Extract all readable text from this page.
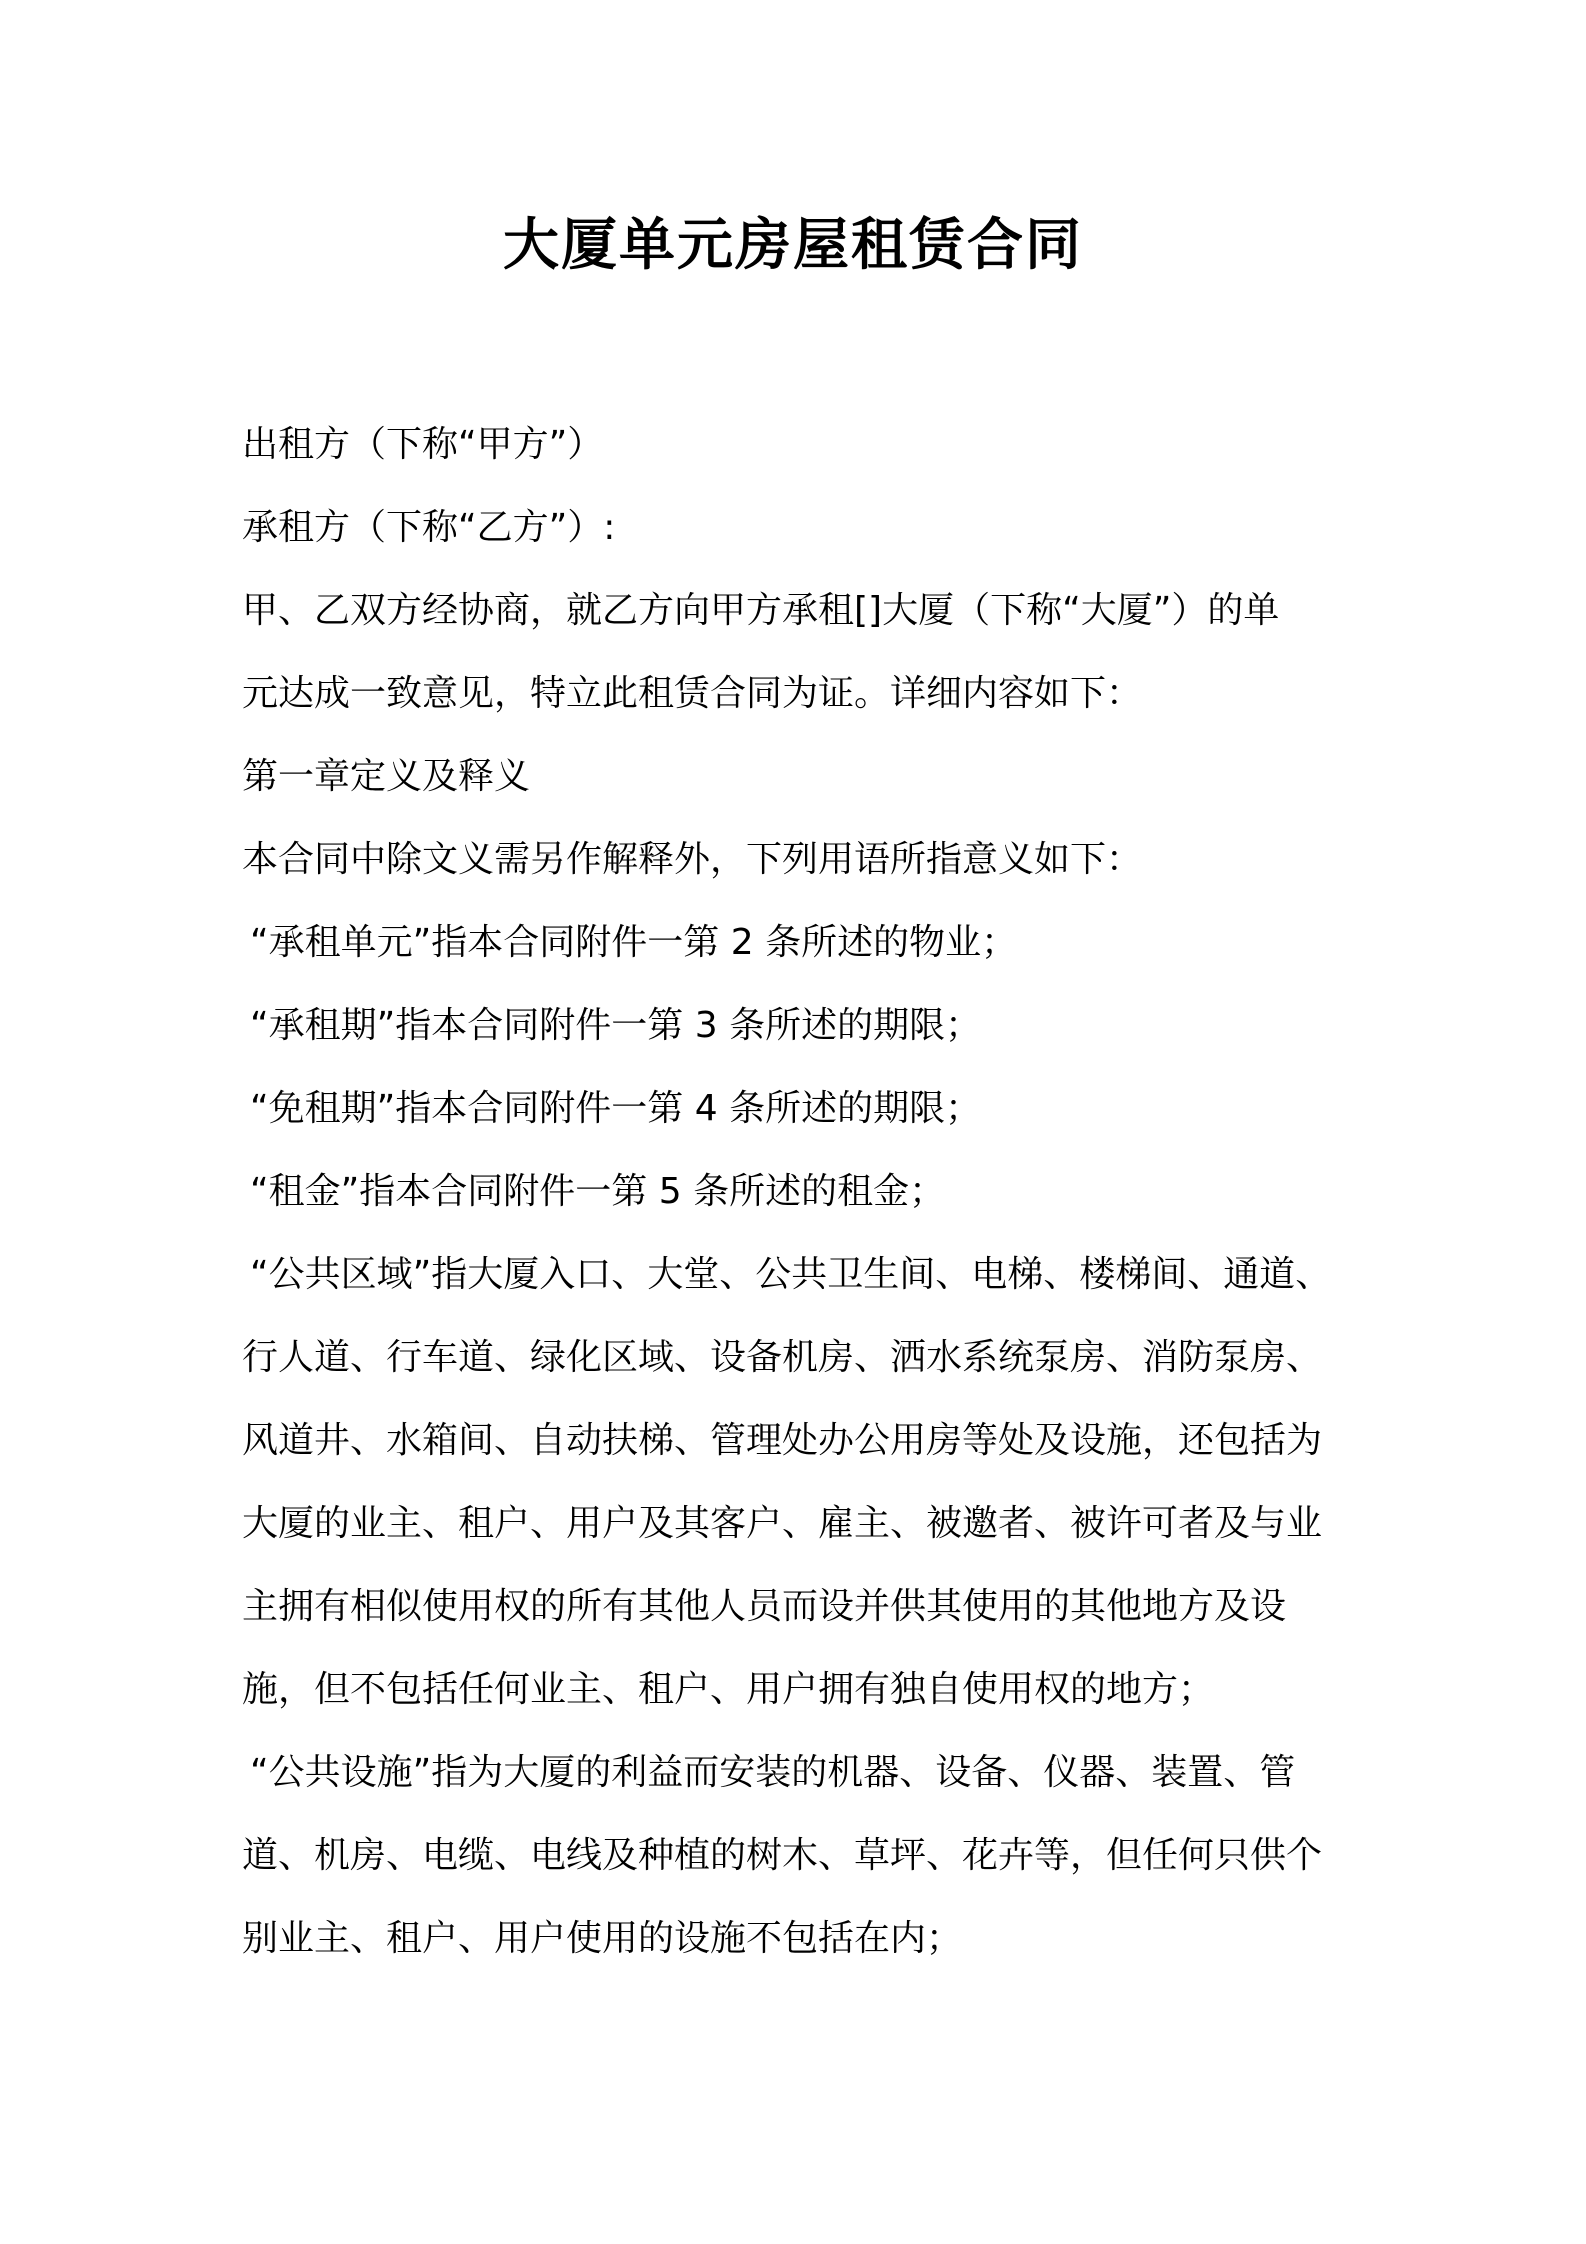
大厦单元房屋租赁合同
出租方（下称“甲方”）
承租方（下称“乙方”）:
甲、乙双方经协商，就乙方向甲方承租[]大厦（下称“大厦”）的单
元达成一致意见，特立此租赁合同为证。详细内容如下：
第一章定义及释义
本合同中除文义需另作解释外，下列用语所指意义如下：
“承租单元”指本合同附件一第 2 条所述的物业；
“承租期”指本合同附件一第 3 条所述的期限；
“免租期”指本合同附件一第 4 条所述的期限；
“租金”指本合同附件一第 5 条所述的租金；
“公共区域”指大厦入口、大堂、公共卫生间、电梯、楼梯间、通道、
行人道、行车道、绿化区域、设备机房、洒水系统泵房、消防泵房、
风道井、水箱间、自动扶梯、管理处办公用房等处及设施，还包括为
大厦的业主、租户、用户及其客户、雇主、被邀者、被许可者及与业
主拥有相似使用权的所有其他人员而设并供其使用的其他地方及设
施，但不包括任何业主、租户、用户拥有独自使用权的地方；
“公共设施”指为大厦的利益而安装的机器、设备、仪器、装置、管
道、机房、电缆、电线及种植的树木、草坪、花卉等，但任何只供个
别业主、租户、用户使用的设施不包括在内；
